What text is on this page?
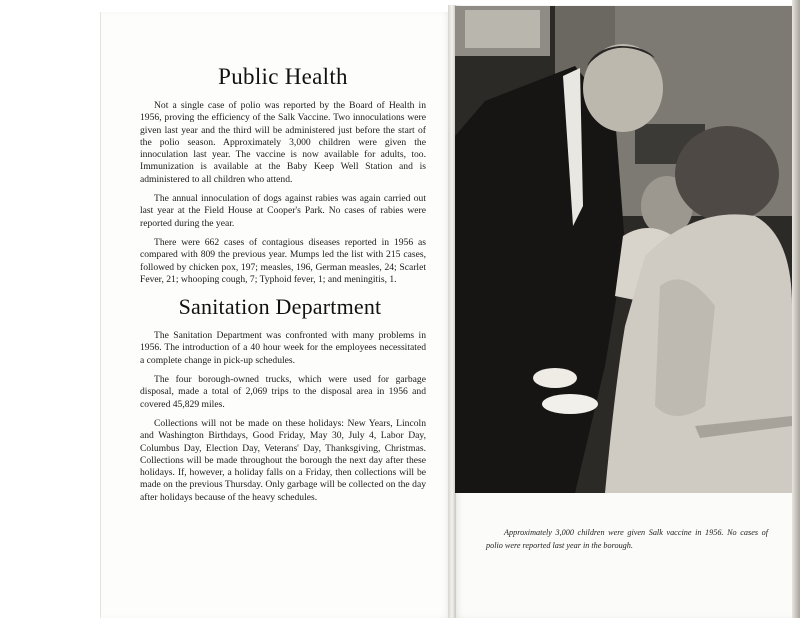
Public Health

Not a single case of polio was reported by the Board of Health in 1956, proving the efficiency of the Salk Vaccine. Two innoculations were given last year and the third will be administered just before the start of the polio season. Approximately 3,000 children were given the innoculation last year. The vaccine is now available for adults, too. Immunization is available at the Baby Keep Well Station and is administered to all children who attend.

The annual innoculation of dogs against rabies was again carried out last year at the Field House at Cooper's Park. No cases of rabies were reported during the year.

There were 662 cases of contagious diseases reported in 1956 as compared with 809 the previous year. Mumps led the list with 215 cases, followed by chicken pox, 197; measles, 196, German measles, 24; Scarlet Fever, 21; whooping cough, 7; Typhoid fever, 1; and meningitis, 1.

Sanitation Department

The Sanitation Department was confronted with many problems in 1956. The introduction of a 40 hour week for the employees necessitated a complete change in pick-up schedules.

The four borough-owned trucks, which were used for garbage disposal, made a total of 2,069 trips to the disposal area in 1956 and covered 45,829 miles.

Collections will not be made on these holidays: New Years, Lincoln and Washington Birthdays, Good Friday, May 30, July 4, Labor Day, Columbus Day, Election Day, Veterans' Day, Thanksgiving, Christmas. Collections will be made throughout the borough the next day after these holidays. If, however, a holiday falls on a Friday, then collections will be made on the previous Thursday. Only garbage will be collected on the day after holidays because of the heavy schedules.

Approximately 3,000 children were given Salk vaccine in 1956. No cases of polio were reported last year in the borough.
